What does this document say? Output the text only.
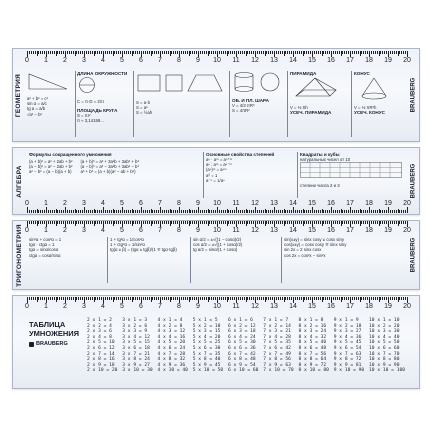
ГЕОМЕТРИЯ	BRAUBERG
0 1 2 3 4 5 6 7 8 9 10 11 12 13 14 15 16 17 18 19 20
a² + b² = c²
sin α = a/c
tg α = a/b
√a² − b²
ДЛИНА ОКРУЖНОСТИ
C = π·D = 2πr
ПЛОЩАДЬ КРУГА
S = πr²
π ≈ 3,14159...
S = a·b
S = a²
S = ½ah
ОБ. И ПЛ. ШАРА
V = 4/3 πR³
S = 4πR²
ПИРАМИДА
V = ⅓ Sh
УСЕЧ. ПИРАМИДА
КОНУС
V = ⅓ πR²h
УСЕЧ. КОНУС
АЛГЕБРА	BRAUBERG
Формулы сокращенного умножения
(a + b)² = a² + 2ab + b²
(a − b)² = a² − 2ab + b²
a² − b² = (a − b)(a + b)
(a + b)³ = a³ + 3a²b + 3ab² + b³
(a − b)³ = a³ − 3a²b + 3ab² − b³
a³ + b³ = (a + b)(a² − ab + b²)
Основные свойства степеней
aⁿ · aᵐ = aⁿ⁺ᵐ
aⁿ : aᵐ = aⁿ⁻ᵐ
(aⁿ)ᵐ = aⁿᵐ
a⁰ = 1
a⁻ⁿ = 1/aⁿ
Квадраты и кубы
натуральных чисел от 10
степени числа 2 и 3
0 1 2 3 4 5 6 7 8 9 10 11 12 13 14 15 16 17 18 19 20
ТРИГОНОМЕТРИЯ	BRAUBERG
0 1 2 3 4 5 6 7 8 9 10 11 12 13 14 15 16 17 18 19 20
sin²α + cos²α = 1
tgα · ctgα = 1
tgα = sinα/cosα
ctgα = cosα/sinα
1 + tg²α = 1/cos²α
1 + ctg²α = 1/sin²α
tg(α ± β) = (tgα ± tgβ)/(1 ∓ tgα·tgβ)
sin α/2 = ±√((1 − cosα)/2)
cos α/2 = ±√((1 + cosα)/2)
tg α/2 = sinα/(1 + cosα)
sin(x±y) = sinx cosy ± cosx siny
cos(x±y) = cosx cosy ∓ sinx siny
sin 2x = 2 sinx cosx
cos 2x = cos²x − sin²x
0 1 2 3 4 5 6 7 8 9 10 11 12 13 14 15 16 17 18 19 20
ТАБЛИЦА УМНОЖЕНИЯ
BRAUBERG
2 x 1 = 2
2 x 2 = 4
2 x 3 = 6
2 x 4 = 8
2 x 5 = 10
2 x 6 = 12
2 x 7 = 14
2 x 8 = 16
2 x 9 = 18
2 x 10 = 20
3 x 1 = 3
3 x 2 = 6
3 x 3 = 9
3 x 4 = 12
3 x 5 = 15
3 x 6 = 18
3 x 7 = 21
3 x 8 = 24
3 x 9 = 27
3 x 10 = 30
4 x 1 = 4
4 x 2 = 8
4 x 3 = 12
4 x 4 = 16
4 x 5 = 20
4 x 6 = 24
4 x 7 = 28
4 x 8 = 32
4 x 9 = 36
4 x 10 = 40
5 x 1 = 5
5 x 2 = 10
5 x 3 = 15
5 x 4 = 20
5 x 5 = 25
5 x 6 = 30
5 x 7 = 35
5 x 8 = 40
5 x 9 = 45
5 x 10 = 50
6 x 1 = 6
6 x 2 = 12
6 x 3 = 18
6 x 4 = 24
6 x 5 = 30
6 x 6 = 36
6 x 7 = 42
6 x 8 = 48
6 x 9 = 54
6 x 10 = 60
7 x 1 = 7
7 x 2 = 14
7 x 3 = 21
7 x 4 = 28
7 x 5 = 35
7 x 6 = 42
7 x 7 = 49
7 x 8 = 56
7 x 9 = 63
7 x 10 = 70
8 x 1 = 8
8 x 2 = 16
8 x 3 = 24
8 x 4 = 32
8 x 5 = 40
8 x 6 = 48
8 x 7 = 56
8 x 8 = 64
8 x 9 = 72
8 x 10 = 80
9 x 1 = 9
9 x 2 = 18
9 x 3 = 27
9 x 4 = 36
9 x 5 = 45
9 x 6 = 54
9 x 7 = 63
9 x 8 = 72
9 x 9 = 81
9 x 10 = 90
10 x 1 = 10
10 x 2 = 20
10 x 3 = 30
10 x 4 = 40
10 x 5 = 50
10 x 6 = 60
10 x 7 = 70
10 x 8 = 80
10 x 9 = 90
10 x 10 = 100
